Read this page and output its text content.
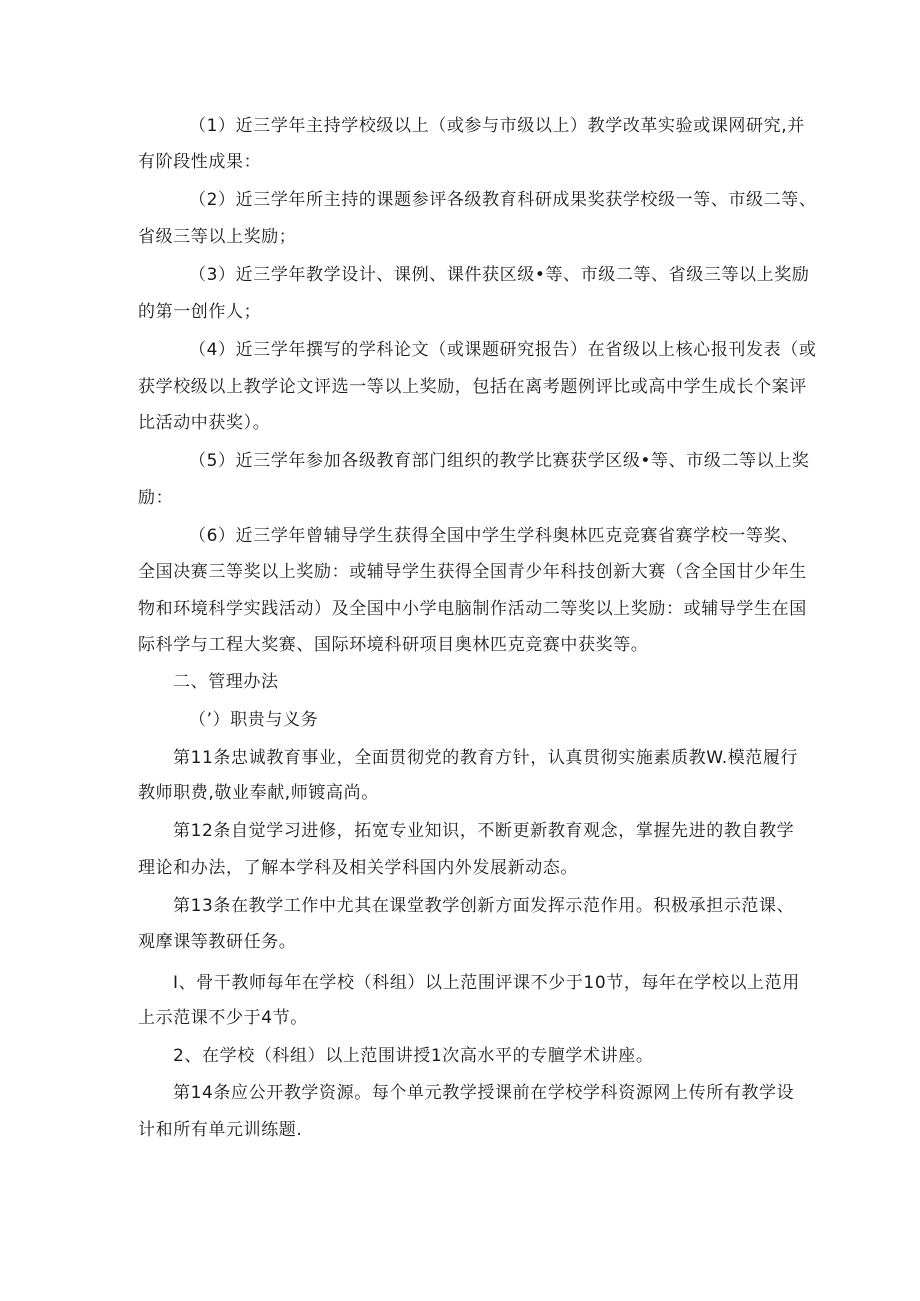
（1）近三学年主持学校级以上（或参与市级以上）教学改革实验或课网研究,并

有阶段性成果：

（2）近三学年所主持的课题参评各级教育科研成果奖获学校级一等、市级二等、

省级三等以上奖励；

（3）近三学年教学设计、课例、课件获区级•等、市级二等、省级三等以上奖励

的第一创作人；

（4）近三学年撰写的学科论文（或课题研究报告）在省级以上核心报刊发表（或

获学校级以上教学论文评选一等以上奖励，包括在离考题例评比或高中学生成长个案评

比活动中获奖）。

（5）近三学年参加各级教育部门组织的教学比赛获学区级•等、市级二等以上奖

励：

（6）近三学年曾辅导学生获得全国中学生学科奥林匹克竞赛省赛学校一等奖、

全国决赛三等奖以上奖励：或辅导学生获得全国青少年科技创新大赛（含全国甘少年生

物和环境科学实践活动）及全国中小学电脑制作活动二等奖以上奖励：或辅导学生在国

际科学与工程大奖赛、国际环境科研项目奥林匹克竞赛中获奖等。

二、管理办法

（’）职贵与义务

第11条忠诚教育事业，全面贯彻党的教育方针，认真贯彻实施素质教W.模范履行

教师职费,敬业奉献,师镀高尚。

第12条自觉学习进修，拓宽专业知识，不断更新教育观念，掌握先进的教自教学

理论和办法，了解本学科及相关学科国内外发展新动态。

第13条在教学工作中尤其在课堂教学创新方面发挥示范作用。积极承担示范课、

观摩课等教研任务。

I、骨干教师每年在学校（科组）以上范围评课不少于10节，每年在学校以上范用

上示范课不少于4节。

2、在学校（科组）以上范围讲授1次高水平的专膻学术讲座。

第14条应公开教学资源。每个单元教学授课前在学校学科资源网上传所有教学设

计和所有单元训练题.
